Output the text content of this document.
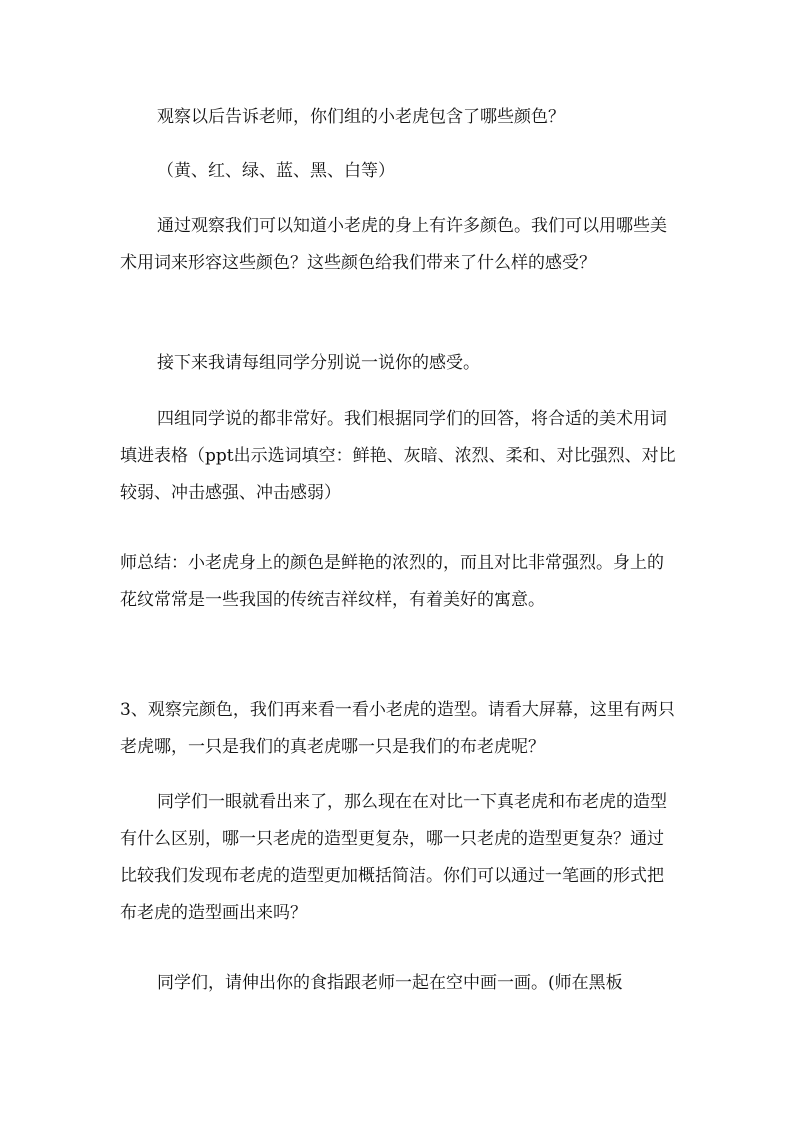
观察以后告诉老师，你们组的小老虎包含了哪些颜色？

（黄、红、绿、蓝、黑、白等）

通过观察我们可以知道小老虎的身上有许多颜色。我们可以用哪些美术用词来形容这些颜色？这些颜色给我们带来了什么样的感受？

接下来我请每组同学分别说一说你的感受。

四组同学说的都非常好。我们根据同学们的回答，将合适的美术用词填进表格（ppt出示选词填空：鲜艳、灰暗、浓烈、柔和、对比强烈、对比较弱、冲击感强、冲击感弱）

师总结：小老虎身上的颜色是鲜艳的浓烈的，而且对比非常强烈。身上的花纹常常是一些我国的传统吉祥纹样，有着美好的寓意。

3、观察完颜色，我们再来看一看小老虎的造型。请看大屏幕，这里有两只老虎哪，一只是我们的真老虎哪一只是我们的布老虎呢？

同学们一眼就看出来了，那么现在在对比一下真老虎和布老虎的造型有什么区别，哪一只老虎的造型更复杂，哪一只老虎的造型更复杂？通过比较我们发现布老虎的造型更加概括简洁。你们可以通过一笔画的形式把布老虎的造型画出来吗？

同学们，请伸出你的食指跟老师一起在空中画一画。(师在黑板
